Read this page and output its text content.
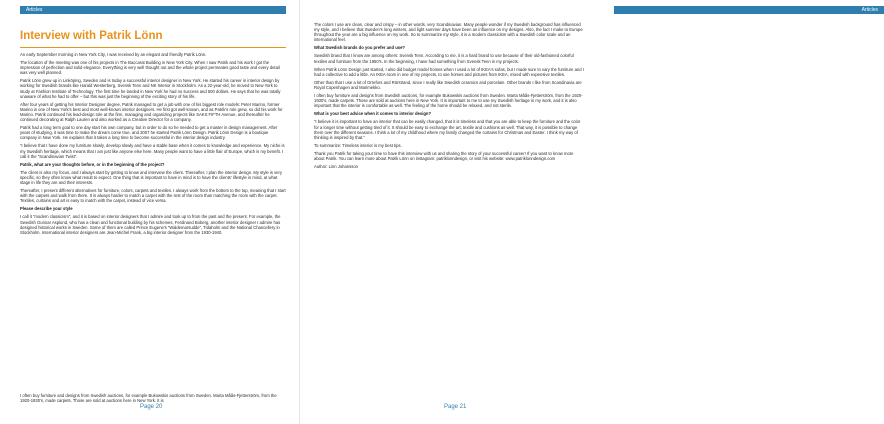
Articles
Interview with Patrik Lönn

An early September morning in New York City, I was received by an elegant and friendly Patrik Lönn.

The location of the meeting was one of his projects in The Baccarat Building in New York City. When I saw Patrik and his work I got the impression of perfection and solid elegance. Everything is very well thought out and the whole project permeates good taste and every detail was very well planned.

Patrik Lönn grew up in Linköping, Sweden and is today a successful interior designer in New York. He started his career in interior design by working for Swedish brands like Harald Westerberg, Svensk Tenn and NK Interior in Stockholm. As a 22-year-old, he moved to New York to study at Fashion Institute of Technology. The first time he landed in New York he had no success and 500 dollars. He says that he was totally unaware of what he had to offer – but this was just the beginning of the exciting story of his life.

After four years of getting his Interior Designer degree, Patrik managed to get a job with one of his biggest role models: Peter Marino, former Marino is one of New York's best and most well-known interior designers. He first got well-known, and as Patrik's role grew, so did his work for Marino. Patrik continued his lead-design role at the firm, managing and organizing projects like SAKS FIFTH Avenue, and thereafter he continued decorating at Ralph Lauren and also worked as a Creative Director for a company.

Patrik had a long term goal to one day start his own company, but in order to do so he needed to get a master in design management. After years of studying, it was time to make the dream come true, and 2007 he started Patrik Lönn Design. Patrik Lönn Design is a boutique company in New York. He explains that it takes a long time to become successful in the interior design industry.

“I believe that I have done my furniture slowly, develop slowly and have a stable base when it comes to knowledge and experience. My niche is my Swedish heritage, which means that I am just like anyone else here. Many people want to have a little flair of Europe, which is my benefit. I call it the “Scandinavian Twist”.

Patrik, what are your thoughts before, or in the beginning of the project?

The client is also my focus, and I always start by getting to know and interview the client. Thereafter, I plan the interior design. My style is very specific, so they often know what result to expect. One thing that is important to have in mind is to have the clients' lifestyle in mind, at what stage in life they are and their interests.

Thereafter, I present different alternatives for furniture, colors, carpets and textiles. I always work from the bottom to the top, meaning that I start with the carpets and walk from there. It is always harder to match a carpet with the rest of the room than matching the room with the carpet. Textiles, curtains and art is easy to match with the carpet, instead of vice versa.

Please describe your style

I call it “modern classicism”, and it is based on interior designers that I admire and took up to from the past and the present. For example, the Swedish Gunnar Asplund, who has a clean and functional building by his schemes, Ferdinand Boberg, another interior designer I admire has designed historical works in Sweden. Some of them are called Prince Eugene's “Waldemarsudde”, Tidaholm and the National Chancellery in Stockholm. International interior designers are Jean-Michel Frank, a big interior designer from the 1930-1940.

I often buy furniture and designs from Swedish auctions, for example Bukowskis auctions from Sweden. Marta Måås-Fjetterström, from the 1920-1930's, made carpets. Those are sold at auctions here in New York. It is
Page 20
Articles

The colors I use are clean, clear and crispy – in other words, very Scandinavian. Many people wonder if my Swedish background has influenced my style, and I believe that Sweden's long winters, and light summer days have been an influence on my designs. Also, the fact I make to Europe throughout the year are a big influence on my work. So to summarize my style, it is a modern classicism with a Swedish color scale and an international feel.

What Swedish brands do you prefer and use?

Swedish brand that I know are among others: Svensk Tenn. According to me, it is a hard brand to use because of their old-fashioned colorful textiles and furniture from the 1950's. In the beginning, I have had something from Svensk Tenn in my projects.

When Patrik Lönn Design just started, I also did budget model homes when I used a lot of IKEA's sofas, but I made sure to vary the furniture and I had a collective to add a little. An IKEA room in one of my projects, to use homes and pictures from IKEA, mixed with expensive textiles.

Other than that I use a lot of Orrefors and Rörstrand, since I really like Swedish ceramics and porcelain. Other brands I like from Scandinavia are Royal Copenhagen and Marimekko.

I often buy furniture and designs from Swedish auctions, for example Bukowskis auctions from Sweden. Marta Måås-Fjetterström, from the 1920-1930's, made carpets. Those are sold at auctions here in New York. It is important to me to use my Swedish heritage in my work, and it is also important that the interior is comfortable as well. The feeling of the home should be relaxed, and not sterile.

What is your best advice when it comes to interior design?

“I believe it is important to have an interior that can be easily changed, that it is timeless and that you are able to keep the furniture and the color for a longer time without getting tired of it. It should be easy to exchange the art, textile and cushions as well. That way, it is possible to change them over the different seasons. I think a lot of my childhood where my family changed the curtains for Christmas and Easter. I think my way of thinking is inspired by that.”

To summarize: Timeless interior is my best tips.

Thank you Patrik for taking your time to have this interview with us and sharing the story of your successful career! If you want to know more about Patrik. You can learn more about Patrik Lönn on instagram: patriklonndesign, or visit his website: www.patriklonndesign.com

Author: Linn Johansson

Page 21
